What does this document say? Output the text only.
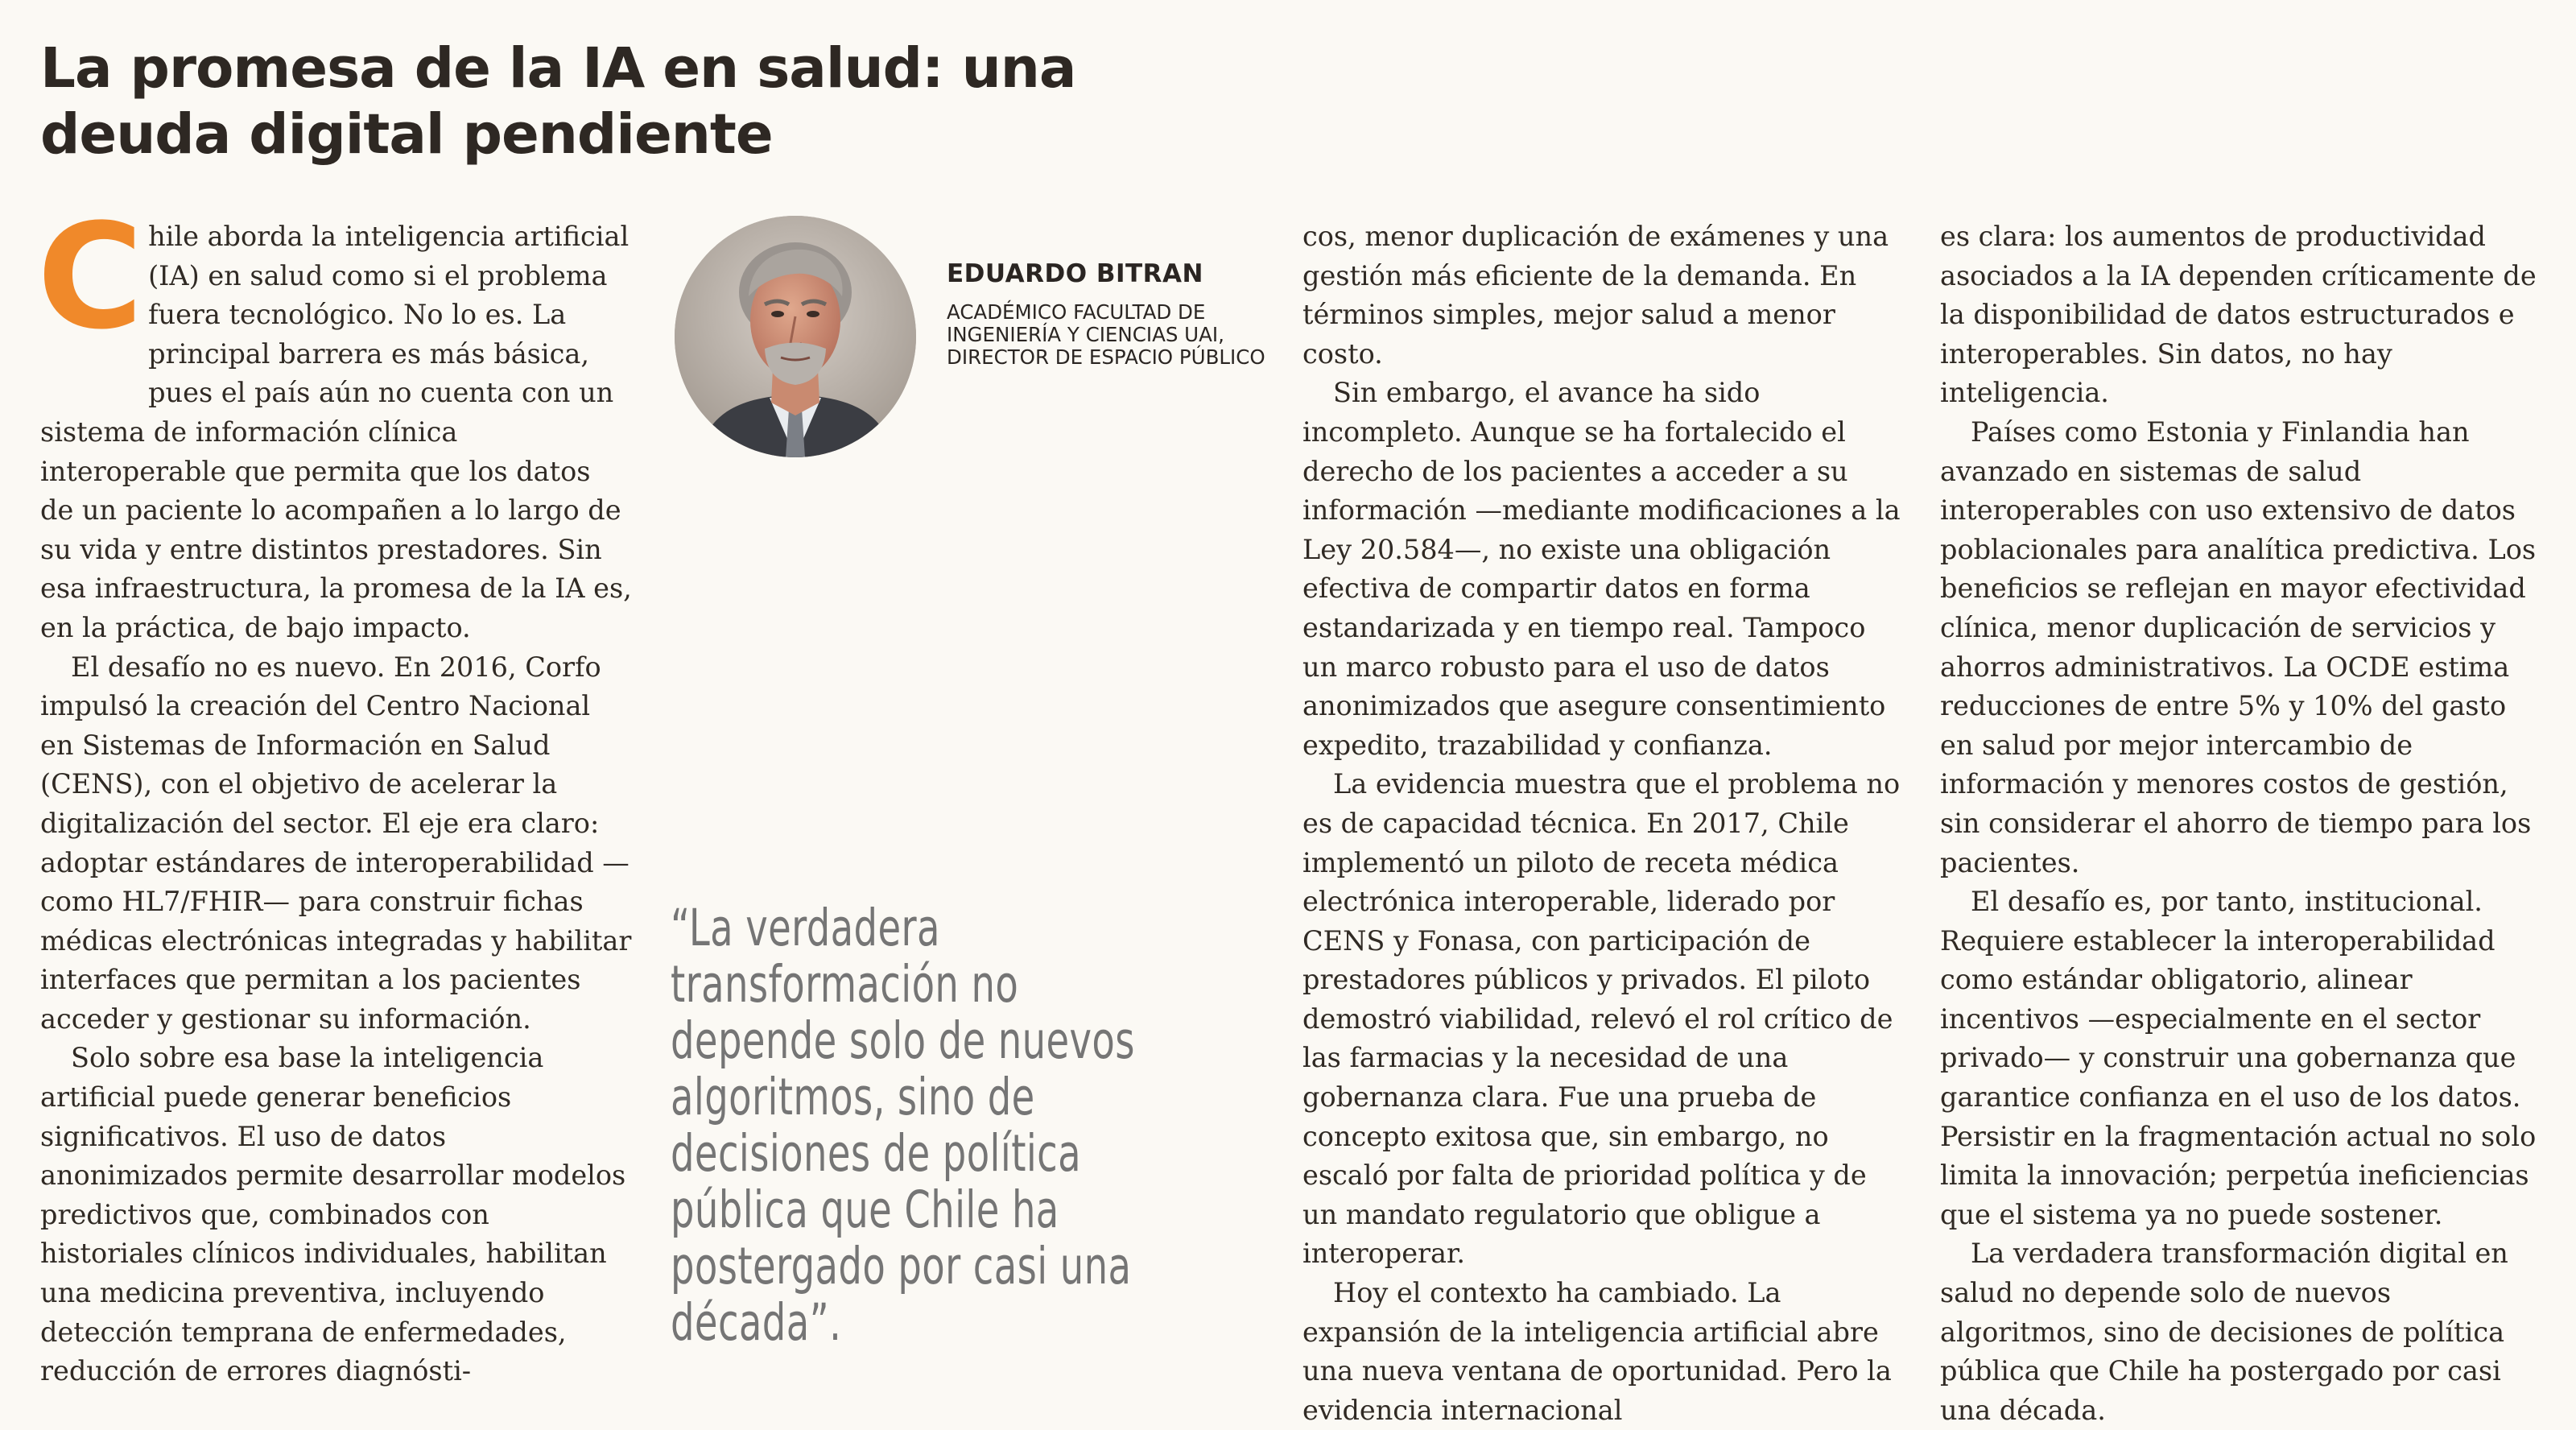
La promesa de la IA en salud: una deuda digital pendiente

Chile aborda la inteligencia artificial (IA) en salud como si el problema fuera tecnológico. No lo es. La principal barrera es más básica, pues el país aún no cuenta con un sistema de información clínica interoperable que permita que los datos de un paciente lo acompañen a lo largo de su vida y entre distintos prestadores. Sin esa infraestructura, la promesa de la IA es, en la práctica, de bajo impacto.

El desafío no es nuevo. En 2016, Corfo impulsó la creación del Centro Nacional en Sistemas de Información en Salud (CENS), con el objetivo de acelerar la digitalización del sector. El eje era claro: adoptar estándares de interoperabilidad —como HL7/FHIR— para construir fichas médicas electrónicas integradas y habilitar interfaces que permitan a los pacientes acceder y gestionar su información.

Solo sobre esa base la inteligencia artificial puede generar beneficios significativos. El uso de datos anonimizados permite desarrollar modelos predictivos que, combinados con historiales clínicos individuales, habilitan una medicina preventiva, incluyendo detección temprana de enfermedades, reducción de errores diagnósti-

EDUARDO BITRAN
ACADÉMICO FACULTAD DE INGENIERÍA Y CIENCIAS UAI, DIRECTOR DE ESPACIO PÚBLICO

“La verdadera transformación no depende solo de nuevos algoritmos, sino de decisiones de política pública que Chile ha postergado por casi una década”.

cos, menor duplicación de exámenes y una gestión más eficiente de la demanda. En términos simples, mejor salud a menor costo.

Sin embargo, el avance ha sido incompleto. Aunque se ha fortalecido el derecho de los pacientes a acceder a su información —mediante modificaciones a la Ley 20.584—, no existe una obligación efectiva de compartir datos en forma estandarizada y en tiempo real. Tampoco un marco robusto para el uso de datos anonimizados que asegure consentimiento expedito, trazabilidad y confianza.

La evidencia muestra que el problema no es de capacidad técnica. En 2017, Chile implementó un piloto de receta médica electrónica interoperable, liderado por CENS y Fonasa, con participación de prestadores públicos y privados. El piloto demostró viabilidad, relevó el rol crítico de las farmacias y la necesidad de una gobernanza clara. Fue una prueba de concepto exitosa que, sin embargo, no escaló por falta de prioridad política y de un mandato regulatorio que obligue a interoperar.

Hoy el contexto ha cambiado. La expansión de la inteligencia artificial abre una nueva ventana de oportunidad. Pero la evidencia internacional

es clara: los aumentos de productividad asociados a la IA dependen críticamente de la disponibilidad de datos estructurados e interoperables. Sin datos, no hay inteligencia.

Países como Estonia y Finlandia han avanzado en sistemas de salud interoperables con uso extensivo de datos poblacionales para analítica predictiva. Los beneficios se reflejan en mayor efectividad clínica, menor duplicación de servicios y ahorros administrativos. La OCDE estima reducciones de entre 5% y 10% del gasto en salud por mejor intercambio de información y menores costos de gestión, sin considerar el ahorro de tiempo para los pacientes.

El desafío es, por tanto, institucional. Requiere establecer la interoperabilidad como estándar obligatorio, alinear incentivos —especialmente en el sector privado— y construir una gobernanza que garantice confianza en el uso de los datos. Persistir en la fragmentación actual no solo limita la innovación; perpetúa ineficiencias que el sistema ya no puede sostener.

La verdadera transformación digital en salud no depende solo de nuevos algoritmos, sino de decisiones de política pública que Chile ha postergado por casi una década.
